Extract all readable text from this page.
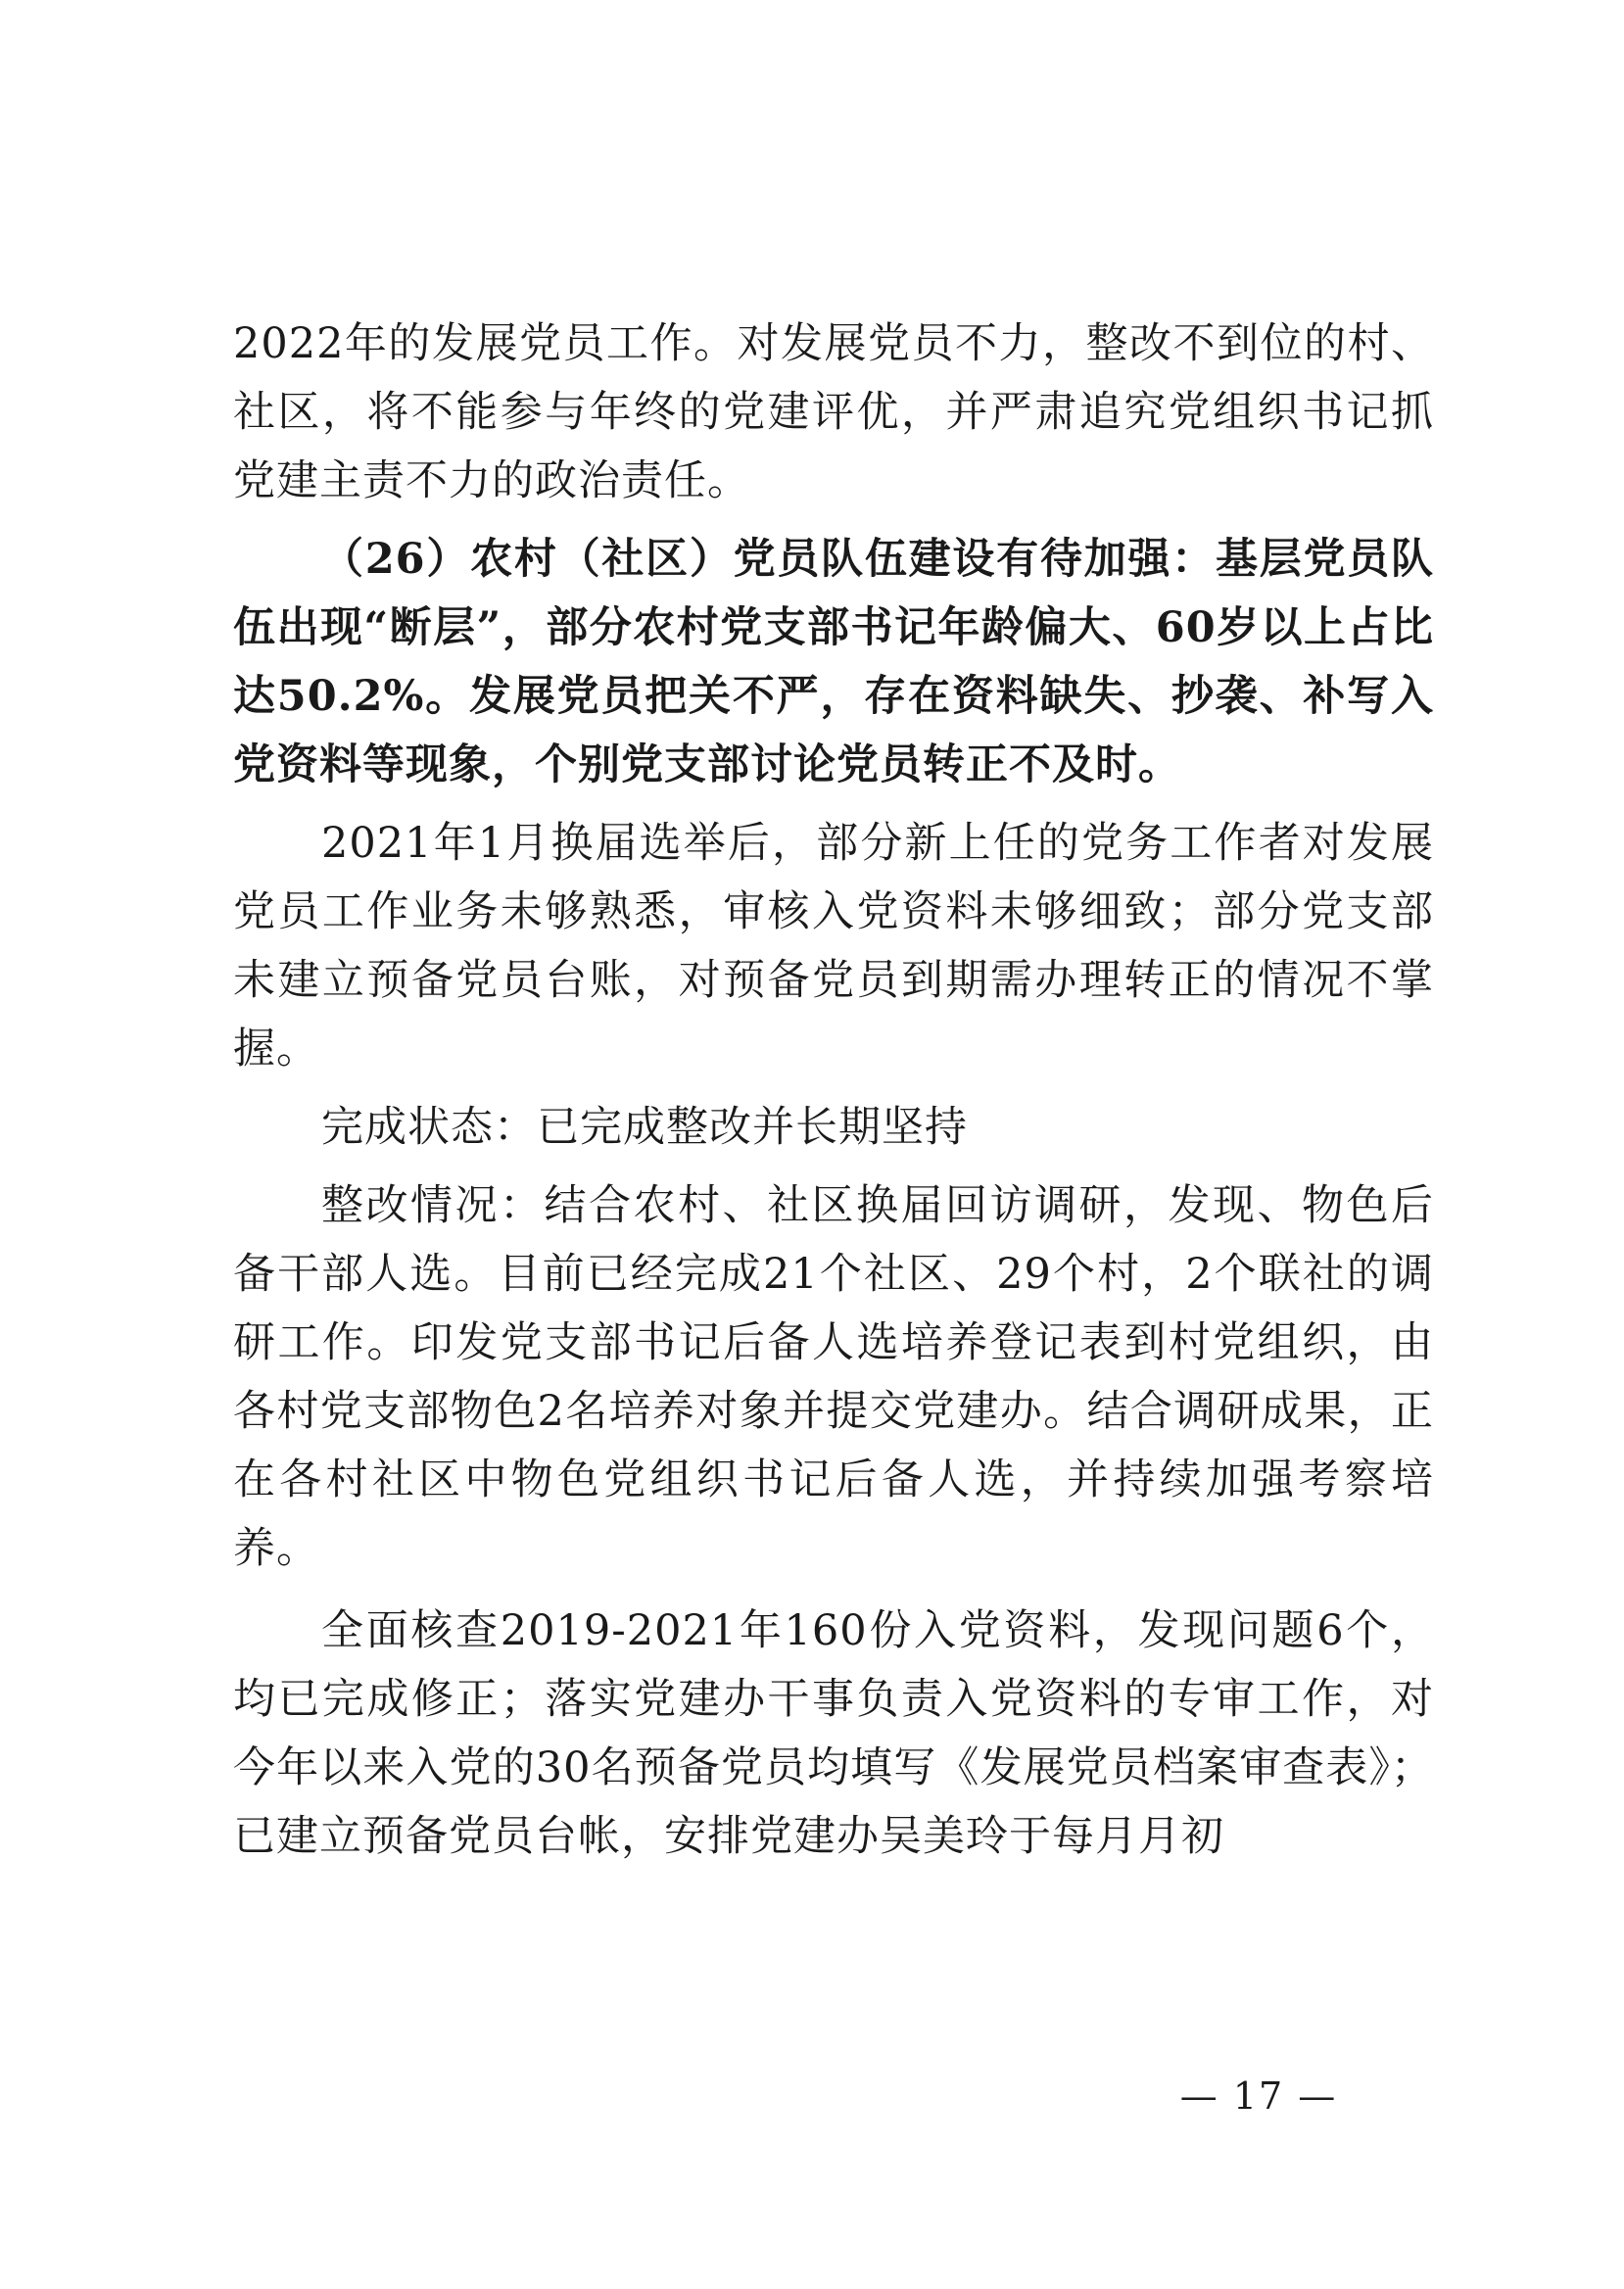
2022年的发展党员工作。对发展党员不力，整改不到位的村、社区，将不能参与年终的党建评优，并严肃追究党组织书记抓党建主责不力的政治责任。

（26）农村（社区）党员队伍建设有待加强：基层党员队伍出现“断层”，部分农村党支部书记年龄偏大、60岁以上占比达50.2%。发展党员把关不严，存在资料缺失、抄袭、补写入党资料等现象，个别党支部讨论党员转正不及时。

2021年1月换届选举后，部分新上任的党务工作者对发展党员工作业务未够熟悉，审核入党资料未够细致；部分党支部未建立预备党员台账，对预备党员到期需办理转正的情况不掌握。

完成状态：已完成整改并长期坚持

整改情况：结合农村、社区换届回访调研，发现、物色后备干部人选。目前已经完成21个社区、29个村，2个联社的调研工作。印发党支部书记后备人选培养登记表到村党组织，由各村党支部物色2名培养对象并提交党建办。结合调研成果，正在各村社区中物色党组织书记后备人选，并持续加强考察培养。

全面核查2019-2021年160份入党资料，发现问题6个，均已完成修正；落实党建办干事负责入党资料的专审工作，对今年以来入党的30名预备党员均填写《发展党员档案审查表》；已建立预备党员台帐，安排党建办吴美玲于每月月初

— 17 —
